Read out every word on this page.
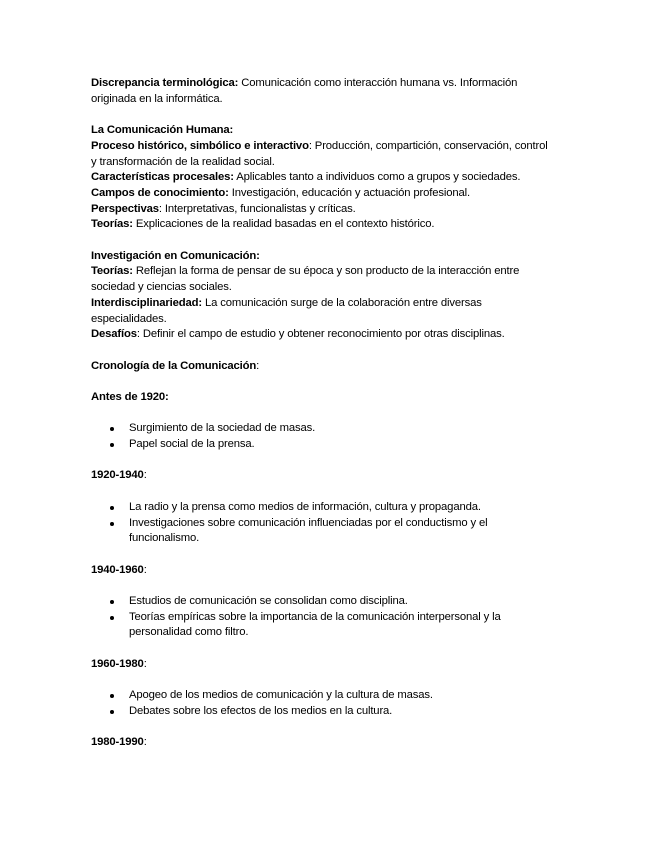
Discrepancia terminológica: Comunicación como interacción humana vs. Información originada en la informática.

La Comunicación Humana:

Proceso histórico, simbólico e interactivo: Producción, compartición, conservación, control y transformación de la realidad social.

Características procesales: Aplicables tanto a individuos como a grupos y sociedades.

Campos de conocimiento: Investigación, educación y actuación profesional.

Perspectivas: Interpretativas, funcionalistas y críticas.

Teorías: Explicaciones de la realidad basadas en el contexto histórico.

Investigación en Comunicación:

Teorías: Reflejan la forma de pensar de su época y son producto de la interacción entre sociedad y ciencias sociales.

Interdisciplinariedad: La comunicación surge de la colaboración entre diversas especialidades.

Desafíos: Definir el campo de estudio y obtener reconocimiento por otras disciplinas.

Cronología de la Comunicación:

Antes de 1920:

Surgimiento de la sociedad de masas.
Papel social de la prensa.

1920-1940:

La radio y la prensa como medios de información, cultura y propaganda.
Investigaciones sobre comunicación influenciadas por el conductismo y el funcionalismo.

1940-1960:

Estudios de comunicación se consolidan como disciplina.
Teorías empíricas sobre la importancia de la comunicación interpersonal y la personalidad como filtro.

1960-1980:

Apogeo de los medios de comunicación y la cultura de masas.
Debates sobre los efectos de los medios en la cultura.

1980-1990:
